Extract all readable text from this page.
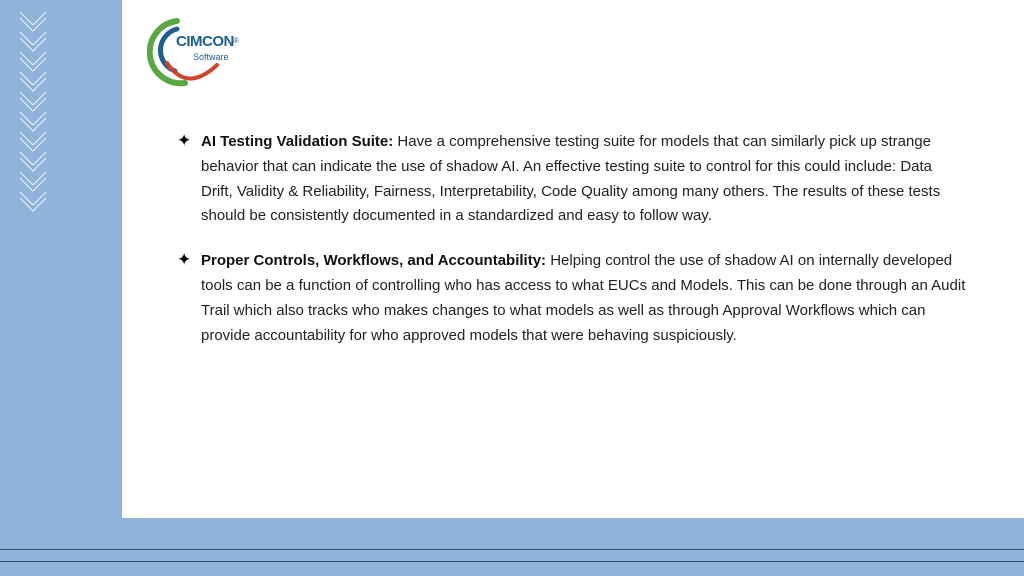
CIMCON ®
Software
✦ AI Testing Validation Suite: Have a comprehensive testing suite for models that can similarly pick up strange behavior that can indicate the use of shadow AI. An effective testing suite to control for this could include: Data Drift, Validity & Reliability, Fairness, Interpretability, Code Quality among many others. The results of these tests should be consistently documented in a standardized and easy to follow way.

✦ Proper Controls, Workflows, and Accountability: Helping control the use of shadow AI on internally developed tools can be a function of controlling who has access to what EUCs and Models. This can be done through an Audit Trail which also tracks who makes changes to what models as well as through Approval Workflows which can provide accountability for who approved models that were behaving suspiciously.
